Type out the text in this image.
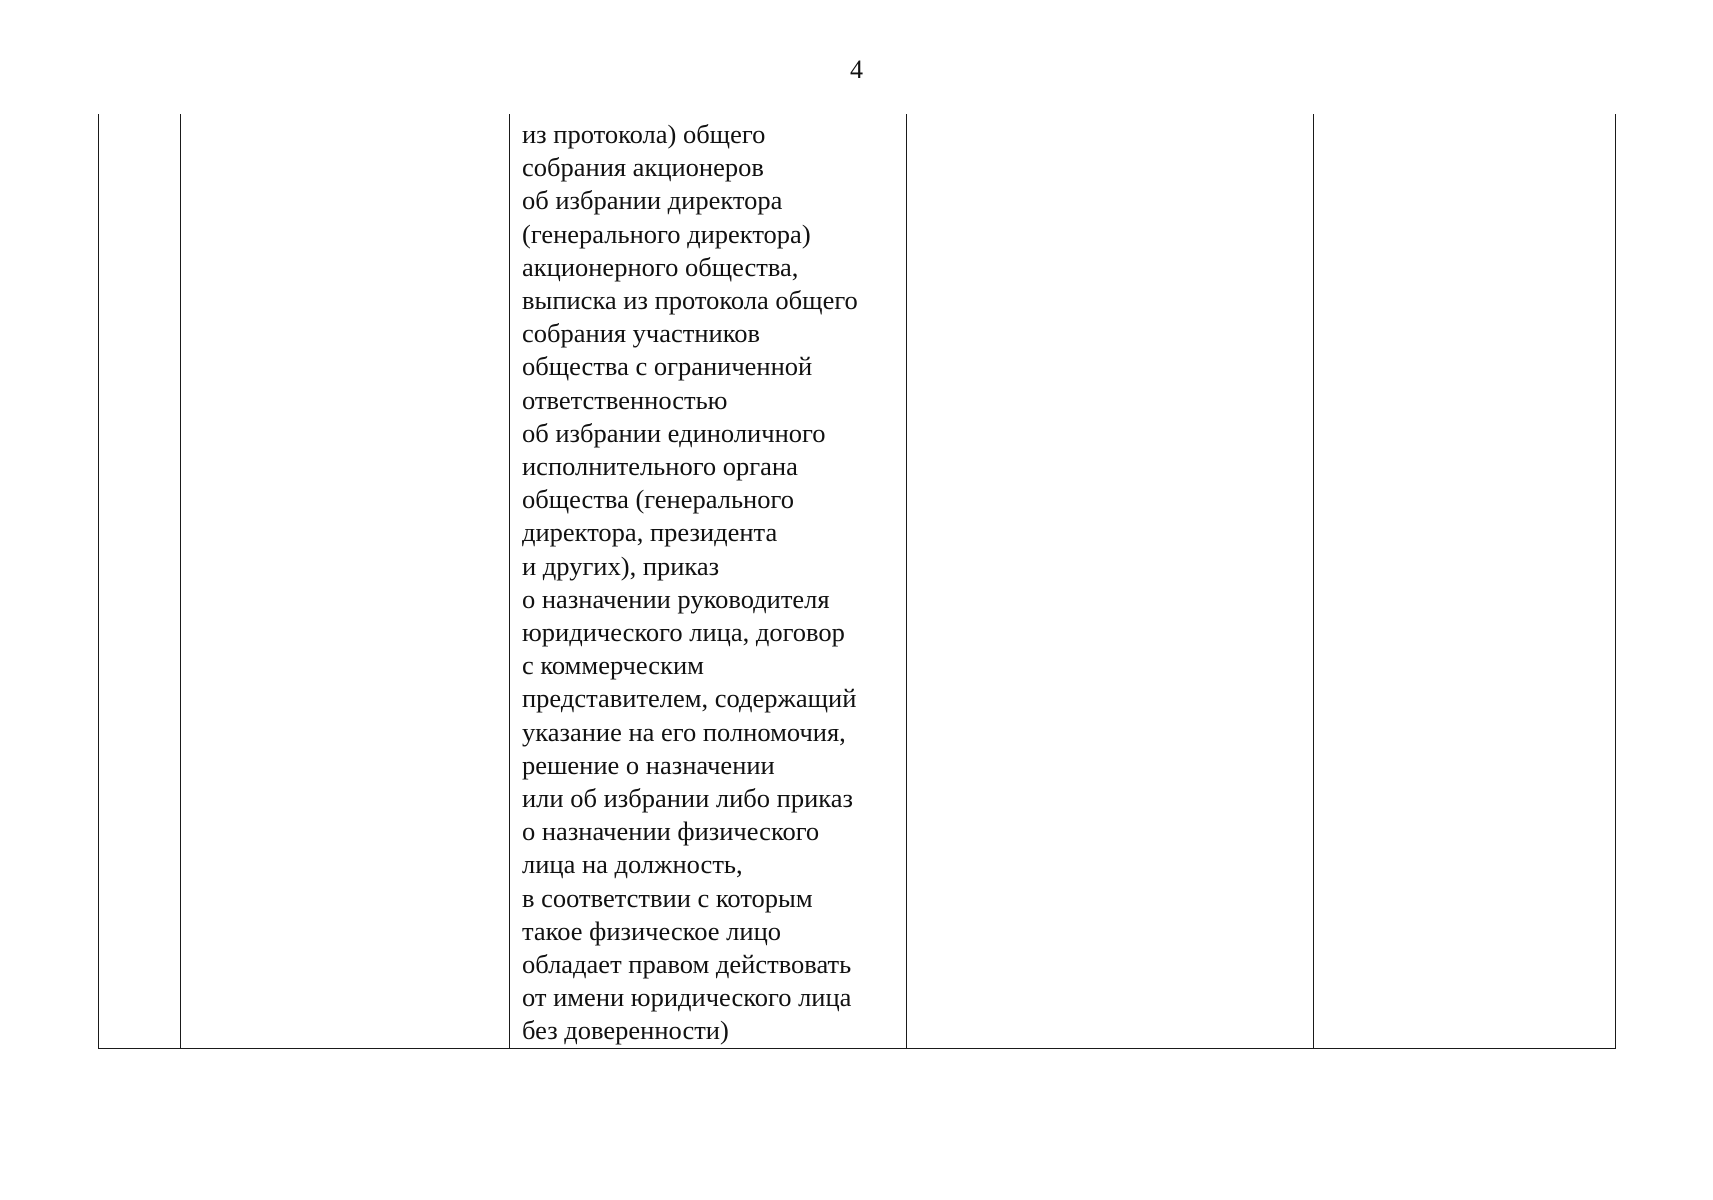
4

из протокола) общего
собрания акционеров
об избрании директора
(генерального директора)
акционерного общества,
выписка из протокола общего
собрания участников
общества с ограниченной
ответственностью
об избрании единоличного
исполнительного органа
общества (генерального
директора, президента
и других), приказ
о назначении руководителя
юридического лица, договор
с коммерческим
представителем, содержащий
указание на его полномочия,
решение о назначении
или об избрании либо приказ
о назначении физического
лица на должность,
в соответствии с которым
такое физическое лицо
обладает правом действовать
от имени юридического лица
без доверенности)
